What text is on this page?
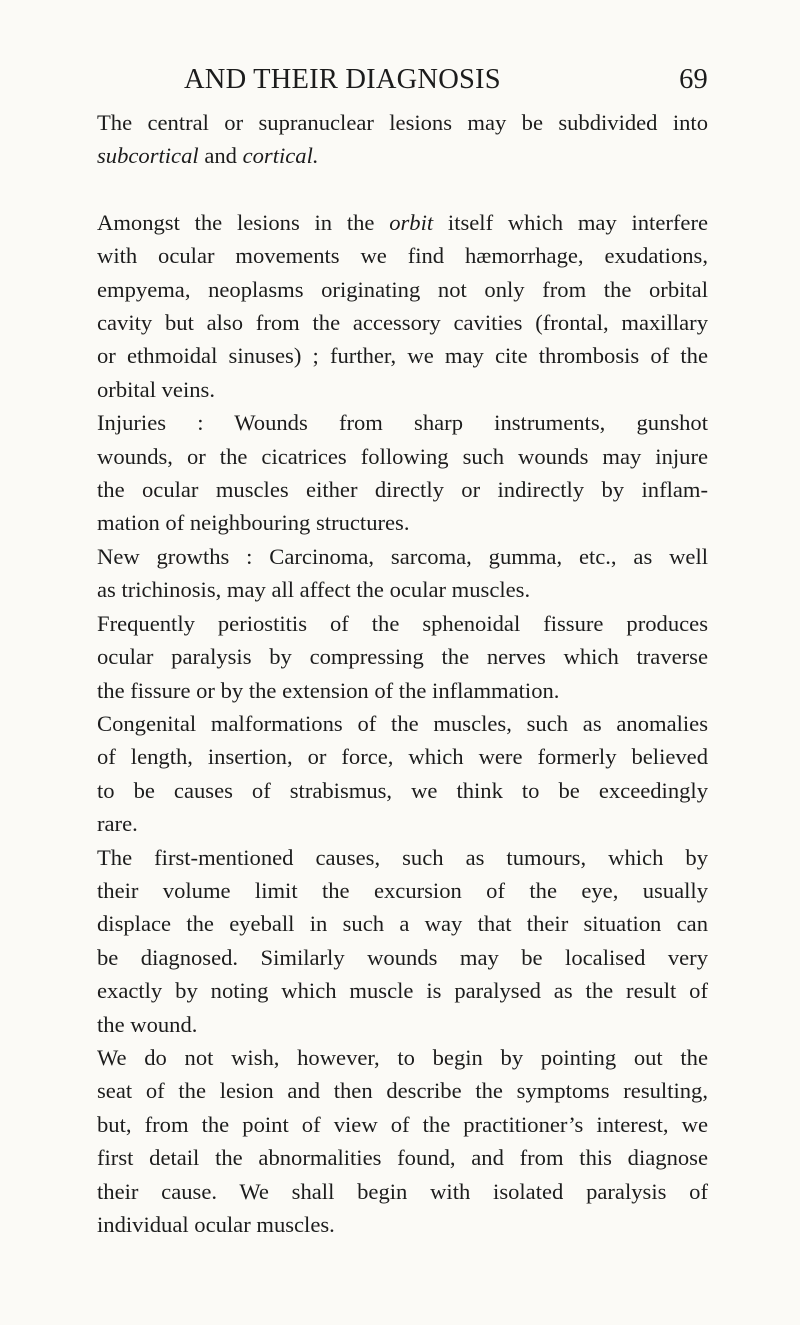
AND THEIR DIAGNOSIS	69

The central or supranuclear lesions may be subdivided into
subcortical and cortical.

Amongst the lesions in the orbit itself which may interfere
with ocular movements we find hæmorrhage, exudations,
empyema, neoplasms originating not only from the orbital
cavity but also from the accessory cavities (frontal, maxillary
or ethmoidal sinuses) ; further, we may cite thrombosis of the
orbital veins.

Injuries : Wounds from sharp instruments, gunshot
wounds, or the cicatrices following such wounds may injure
the ocular muscles either directly or indirectly by inflam-
mation of neighbouring structures.

New growths : Carcinoma, sarcoma, gumma, etc., as well
as trichinosis, may all affect the ocular muscles.

Frequently periostitis of the sphenoidal fissure produces
ocular paralysis by compressing the nerves which traverse
the fissure or by the extension of the inflammation.

Congenital malformations of the muscles, such as anomalies
of length, insertion, or force, which were formerly believed
to be causes of strabismus, we think to be exceedingly
rare.

The first-mentioned causes, such as tumours, which by
their volume limit the excursion of the eye, usually
displace the eyeball in such a way that their situation can
be diagnosed. Similarly wounds may be localised very
exactly by noting which muscle is paralysed as the result of
the wound.

We do not wish, however, to begin by pointing out the
seat of the lesion and then describe the symptoms resulting,
but, from the point of view of the practitioner’s interest, we
first detail the abnormalities found, and from this diagnose
their cause. We shall begin with isolated paralysis of
individual ocular muscles.
